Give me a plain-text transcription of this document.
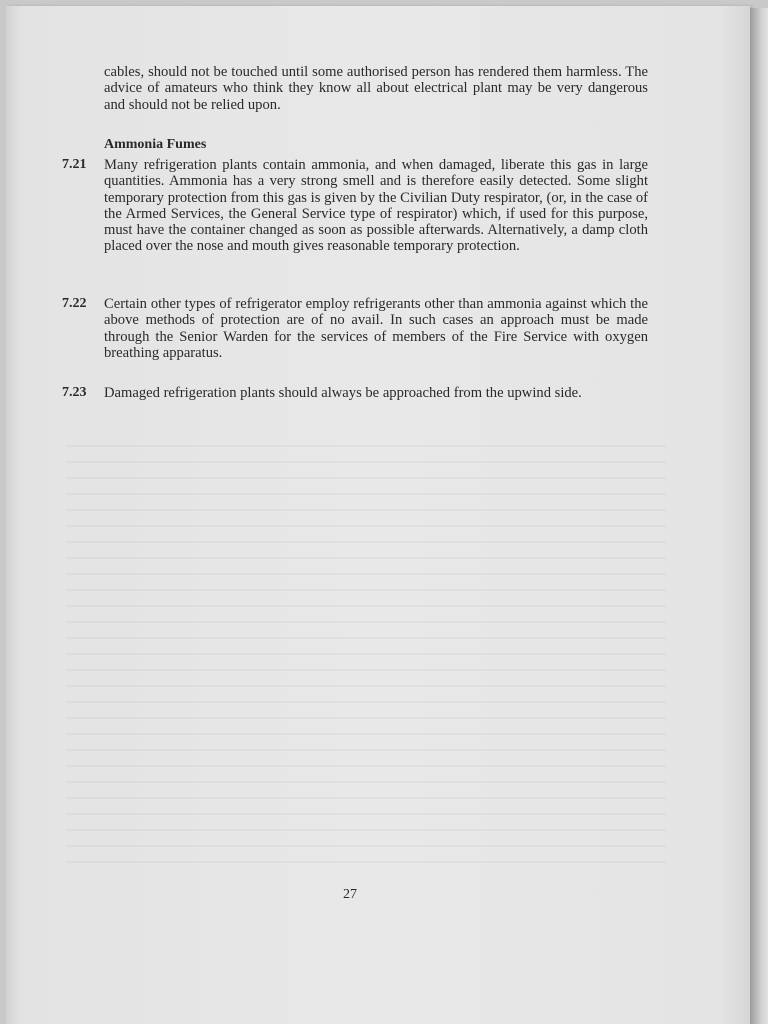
cables, should not be touched until some authorised person has rendered them harmless. The advice of amateurs who think they know all about electrical plant may be very dangerous and should not be relied upon.
Ammonia Fumes
7.21 Many refrigeration plants contain ammonia, and when damaged, liberate this gas in large quantities. Ammonia has a very strong smell and is therefore easily detected. Some slight temporary protection from this gas is given by the Civilian Duty respirator, (or, in the case of the Armed Services, the General Service type of respirator) which, if used for this purpose, must have the container changed as soon as possible afterwards. Alternatively, a damp cloth placed over the nose and mouth gives reasonable temporary protection.
7.22 Certain other types of refrigerator employ refrigerants other than ammonia against which the above methods of protection are of no avail. In such cases an approach must be made through the Senior Warden for the services of members of the Fire Service with oxygen breathing apparatus.
7.23 Damaged refrigeration plants should always be approached from the upwind side.
27
